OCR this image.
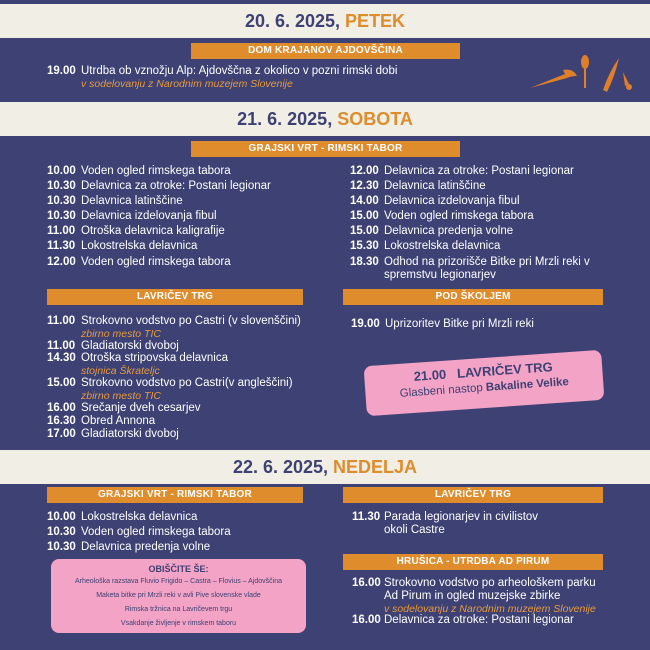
20. 6. 2025, PETEK
DOM KRAJANOV AJDOVŠČINA
19.00 Utrdba ob vznožju Alp: Ajdovščna z okolico v pozni rimski dobi
v sodelovanju z Narodnim muzejem Slovenije
21. 6. 2025, SOBOTA
GRAJSKI VRT - RIMSKI TABOR
10.00 Voden ogled rimskega tabora
10.30 Delavnica za otroke: Postani legionar
10.30 Delavnica latinščine
10.30 Delavnica izdelovanja fibul
11.00 Otroška delavnica kaligrafije
11.30 Lokostrelska delavnica
12.00 Voden ogled rimskega tabora
12.00 Delavnica za otroke: Postani legionar
12.30 Delavnica latinščine
14.00 Delavnica izdelovanja fibul
15.00 Voden ogled rimskega tabora
15.00 Delavnica predenja volne
15.30 Lokostrelska delavnica
18.30 Odhod na prizorišče Bitke pri Mrzli reki v
spremstvu legionarjev
LAVRIČEV TRG	POD ŠKOLJEM
11.00 Strokovno vodstvo po Castri (v slovenščini)
zbirno mesto TIC
11.00 Gladiatorski dvoboj
14.30 Otroška stripovska delavnica
stojnica Škrateljc
15.00 Strokovno vodstvo po Castri(v angleščini)
zbirno mesto TIC
16.00 Srečanje dveh cesarjev
16.30 Obred Annona
17.00 Gladiatorski dvoboj
19.00 Uprizoritev Bitke pri Mrzli reki
21.00 LAVRIČEV TRG
Glasbeni nastop Bakaline Velike
22. 6. 2025, NEDELJA
GRAJSKI VRT - RIMSKI TABOR	LAVRIČEV TRG
10.00 Lokostrelska delavnica
10.30 Voden ogled rimskega tabora
10.30 Delavnica predenja volne
OBIŠČITE ŠE:
Arheološka razstava Fluvio Frigido – Castra – Flovius – Ajdovščina
Maketa bitke pri Mrzli reki v avli Pive slovenske vlade
Rimska tržnica na Lavričevem trgu
Vsakdanje življenje v rimskem taboru
11.30 Parada legionarjev in civilistov
okoli Castre
HRUŠICA - UTRDBA AD PIRUM
16.00 Strokovno vodstvo po arheološkem parku
Ad Pirum in ogled muzejske zbirke
v sodelovanju z Narodnim muzejem Slovenije
16.00 Delavnica za otroke: Postani legionar
